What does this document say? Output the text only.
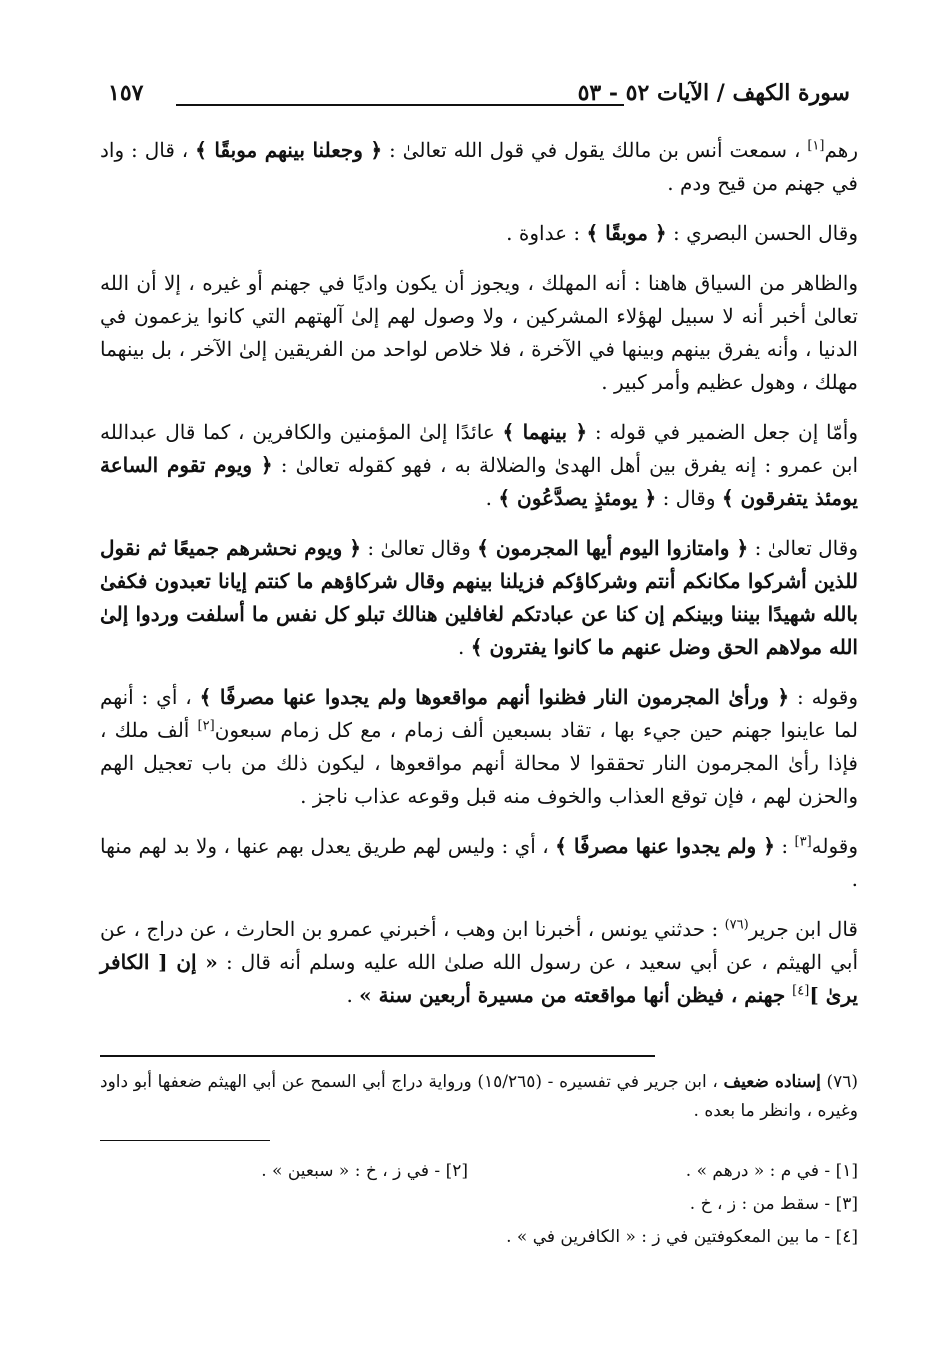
سورة الكهف / الآيات ٥٢ - ٥٣
١٥٧

رهم[١] ، سمعت أنس بن مالك يقول في قول الله تعالىٰ : ﴿ وجعلنا بينهم موبقًا ﴾ ، قال : واد في جهنم من قيح ودم .

وقال الحسن البصري : ﴿ موبقًا ﴾ : عداوة .

والظاهر من السياق هاهنا : أنه المهلك ، ويجوز أن يكون واديًا في جهنم أو غيره ، إلا أن الله تعالىٰ أخبر أنه لا سبيل لهؤلاء المشركين ، ولا وصول لهم إلىٰ آلهتهم التي كانوا يزعمون في الدنيا ، وأنه يفرق بينهم وبينها في الآخرة ، فلا خلاص لواحد من الفريقين إلىٰ الآخر ، بل بينهما مهلك ، وهول عظيم وأمر كبير .

وأمّا إن جعل الضمير في قوله : ﴿ بينهما ﴾ عائدًا إلىٰ المؤمنين والكافرين ، كما قال عبدالله ابن عمرو : إنه يفرق بين أهل الهدىٰ والضلالة به ، فهو كقوله تعالىٰ : ﴿ ويوم تقوم الساعة يومئذ يتفرقون ﴾ وقال : ﴿ يومئذٍ يصدَّعُون ﴾ .

وقال تعالىٰ : ﴿ وامتازوا اليوم أيها المجرمون ﴾ وقال تعالىٰ : ﴿ ويوم نحشرهم جميعًا ثم نقول للذين أشركوا مكانكم أنتم وشركاؤكم فزيلنا بينهم وقال شركاؤهم ما كنتم إيانا تعبدون فكفىٰ بالله شهيدًا بيننا وبينكم إن كنا عن عبادتكم لغافلين هنالك تبلو كل نفس ما أسلفت وردوا إلىٰ الله مولاهم الحق وضل عنهم ما كانوا يفترون ﴾ .

وقوله : ﴿ ورأىٰ المجرمون النار فظنوا أنهم مواقعوها ولم يجدوا عنها مصرفًا ﴾ ، أي : أنهم لما عاينوا جهنم حين جيء بها ، تقاد بسبعين ألف زمام ، مع كل زمام سبعون[٢] ألف ملك ، فإذا رأىٰ المجرمون النار تحققوا لا محالة أنهم مواقعوها ، ليكون ذلك من باب تعجيل الهم والحزن لهم ، فإن توقع العذاب والخوف منه قبل وقوعه عذاب ناجز .

وقوله[٣] : ﴿ ولم يجدوا عنها مصرفًا ﴾ ، أي : وليس لهم طريق يعدل بهم عنها ، ولا بد لهم منها .

قال ابن جرير$^{(٧٦)}$ : حدثني يونس ، أخبرنا ابن وهب ، أخبرني عمرو بن الحارث ، عن دراج ، عن أبي الهيثم ، عن أبي سعيد ، عن رسول الله صلىٰ الله عليه وسلم أنه قال : « إن [ الكافر يرىٰ ][٤] جهنم ، فيظن أنها مواقعته من مسيرة أربعين سنة » .

(٧٦) إسناده ضعيف ، ابن جرير في تفسيره - (١٥/٢٦٥) ورواية دراج أبي السمح عن أبي الهيثم ضعفها أبو داود وغيره ، وانظر ما بعده .
[١] - في م : « درهم » .
[٢] - في ز ، خ : « سبعين » .
[٣] - سقط من : ز ، خ .
[٤] - ما بين المعكوفتين في ز : « الكافرين في » .
